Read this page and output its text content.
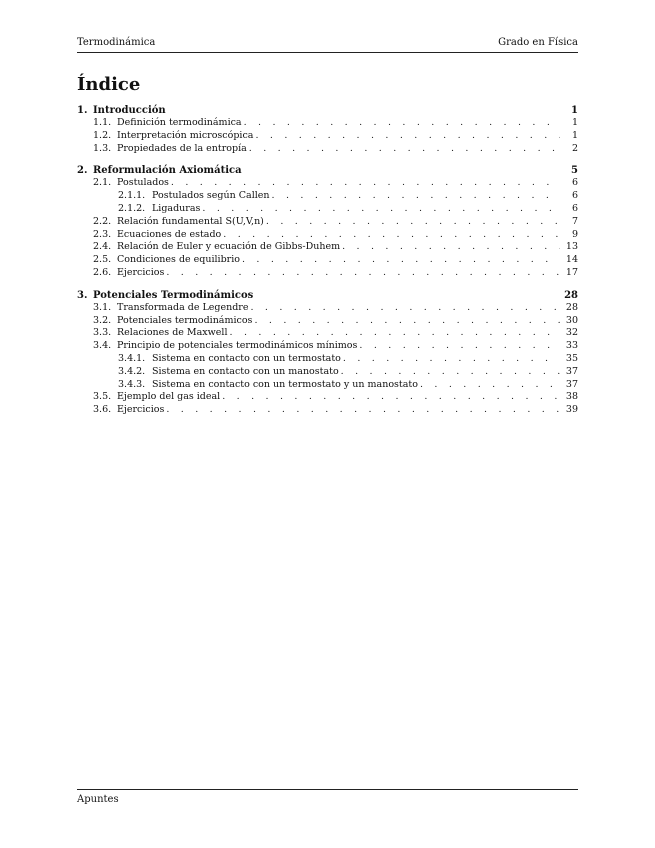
Termodinámica	Grado en Física
Índice
1. Introducción	1
1.1. Definición termodinámica . . .	1
1.2. Interpretación microscópica . . .	1
1.3. Propiedades de la entropía . . .	2
2. Reformulación Axiomática	5
2.1. Postulados . . .	6
2.1.1. Postulados según Callen . . .	6
2.1.2. Ligaduras . . .	6
2.2. Relación fundamental S(U,V,n) . . .	7
2.3. Ecuaciones de estado . . .	9
2.4. Relación de Euler y ecuación de Gibbs-Duhem . . .	13
2.5. Condiciones de equilibrio . . .	14
2.6. Ejercicios . . .	17
3. Potenciales Termodinámicos	28
3.1. Transformada de Legendre . . .	28
3.2. Potenciales termodinámicos . . .	30
3.3. Relaciones de Maxwell . . .	32
3.4. Principio de potenciales termodinámicos mínimos . . .	33
3.4.1. Sistema en contacto con un termostato . . .	35
3.4.2. Sistema en contacto con un manostato . . .	37
3.4.3. Sistema en contacto con un termostato y un manostato . . .	37
3.5. Ejemplo del gas ideal . . .	38
3.6. Ejercicios . . .	39
Apuntes
